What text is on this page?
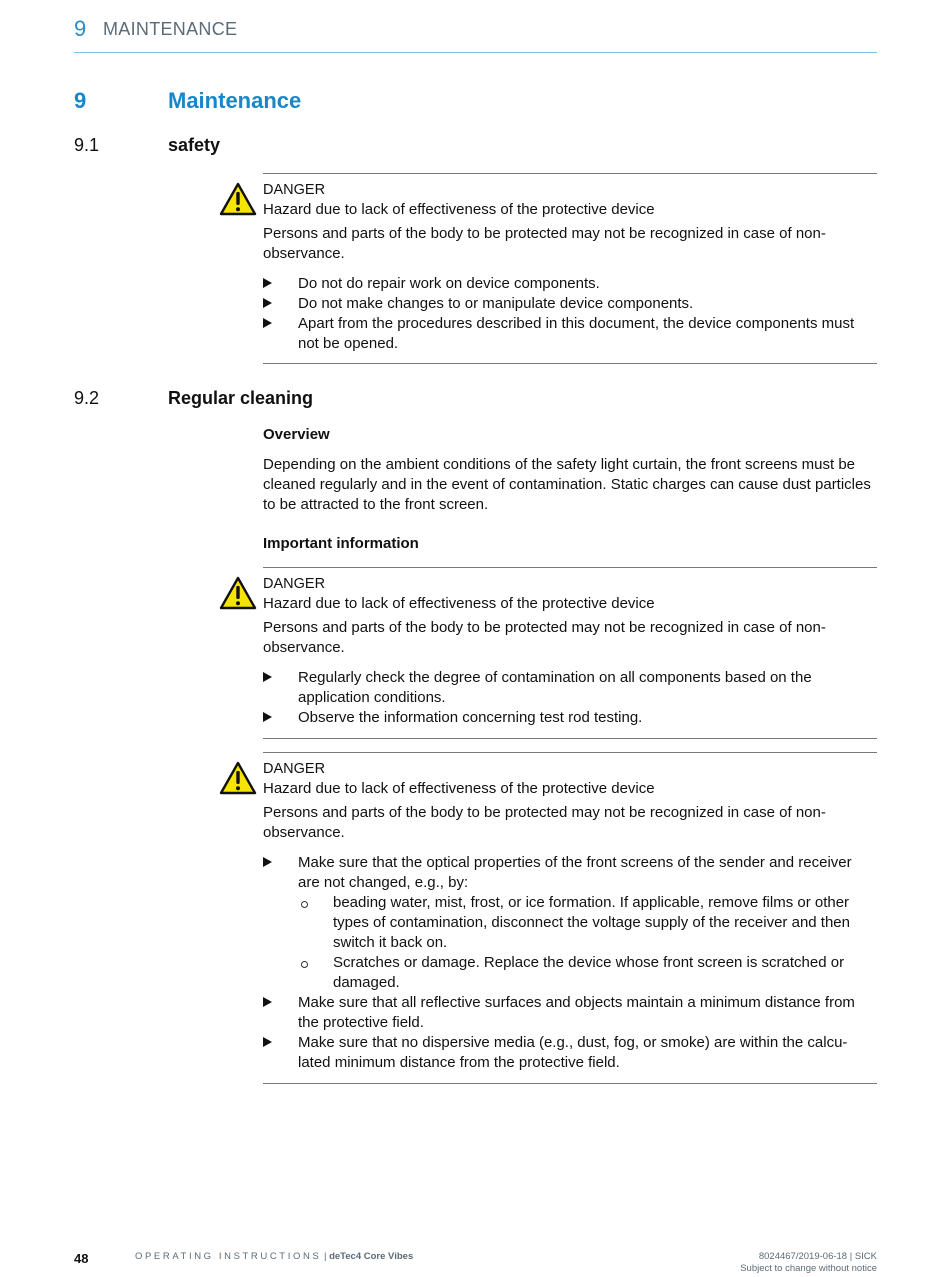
9 MAINTENANCE
9	Maintenance
9.1	safety
DANGER
Hazard due to lack of effectiveness of the protective device
Persons and parts of the body to be protected may not be recognized in case of non-observance.
Do not do repair work on device components.
Do not make changes to or manipulate device components.
Apart from the procedures described in this document, the device components must not be opened.
9.2	Regular cleaning
Overview
Depending on the ambient conditions of the safety light curtain, the front screens must be cleaned regularly and in the event of contamination. Static charges can cause dust particles to be attracted to the front screen.
Important information
DANGER
Hazard due to lack of effectiveness of the protective device
Persons and parts of the body to be protected may not be recognized in case of non-observance.
Regularly check the degree of contamination on all components based on the application conditions.
Observe the information concerning test rod testing.
DANGER
Hazard due to lack of effectiveness of the protective device
Persons and parts of the body to be protected may not be recognized in case of non-observance.
Make sure that the optical properties of the front screens of the sender and receiver are not changed, e.g., by:
beading water, mist, frost, or ice formation. If applicable, remove films or other types of contamination, disconnect the voltage supply of the receiver and then switch it back on.
Scratches or damage. Replace the device whose front screen is scratched or damaged.
Make sure that all reflective surfaces and objects maintain a minimum distance from the protective field.
Make sure that no dispersive media (e.g., dust, fog, or smoke) are within the calcu-lated minimum distance from the protective field.
48	OPERATING INSTRUCTIONS | deTec4 Core Vibes	8024467/2019-06-18 | SICK
Subject to change without notice
